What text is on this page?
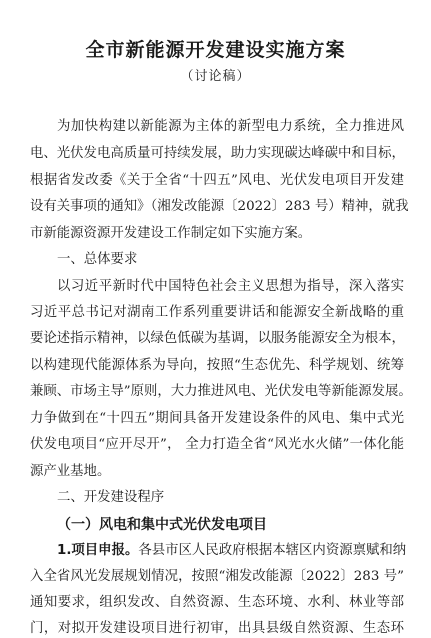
全市新能源开发建设实施方案
（讨论稿）
为加快构建以新能源为主体的新型电力系统，全力推进风
电、光伏发电高质量可持续发展，助力实现碳达峰碳中和目标，
根据省发改委《关于全省“十四五”风电、光伏发电项目开发建
设有关事项的通知》（湘发改能源〔2022〕283 号）精神，就我
市新能源资源开发建设工作制定如下实施方案。
一、总体要求
以习近平新时代中国特色社会主义思想为指导，深入落实
习近平总书记对湖南工作系列重要讲话和能源安全新战略的重
要论述指示精神，以绿色低碳为基调，以服务能源安全为根本，
以构建现代能源体系为导向，按照“生态优先、科学规划、统筹
兼顾、市场主导”原则，大力推进风电、光伏发电等新能源发展。
力争做到在“十四五”期间具备开发建设条件的风电、集中式光
伏发电项目“应开尽开”， 全力打造全省“风光水火储”一体化能
源产业基地。
二、开发建设程序
（一）风电和集中式光伏发电项目
1.项目申报。各县市区人民政府根据本辖区内资源禀赋和纳
入全省风光发展规划情况，按照“湘发改能源〔2022〕283 号”
通知要求，组织发改、自然资源、生态环境、水利、林业等部
门，对拟开发建设项目进行初审，出具县级自然资源、生态环
